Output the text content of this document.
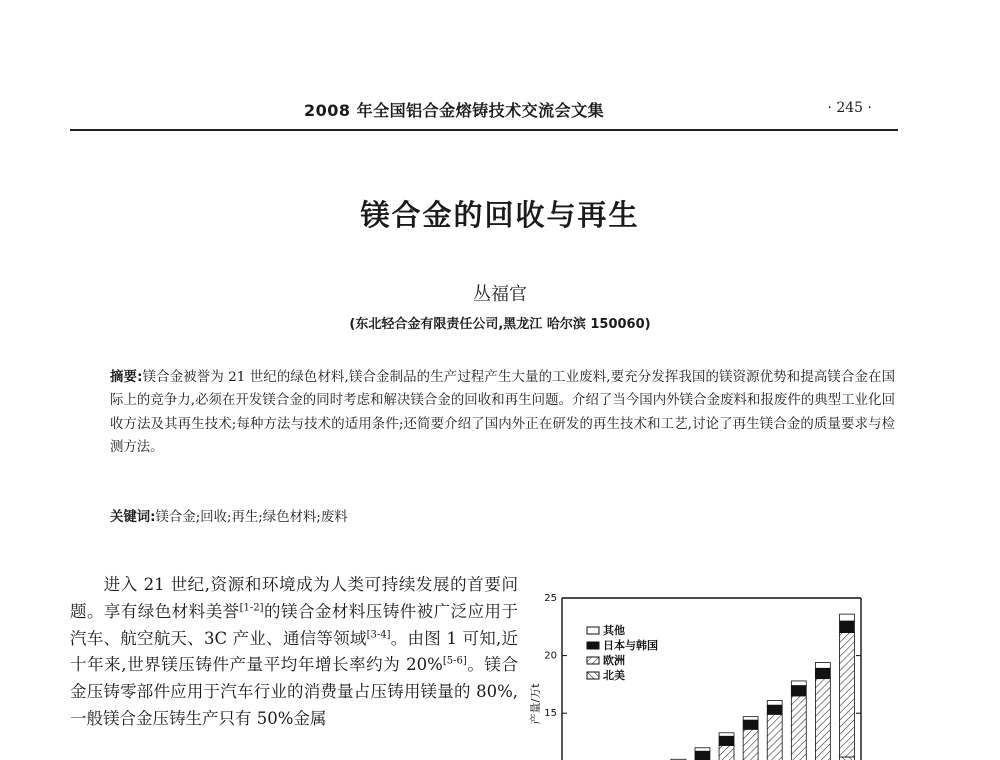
2008 年全国铝合金熔铸技术交流会文集	· 245 ·
镁合金的回收与再生
丛福官
(东北轻合金有限责任公司,黑龙江 哈尔滨 150060)
摘要:镁合金被誉为 21 世纪的绿色材料,镁合金制品的生产过程产生大量的工业废料,要充分发挥我国的镁资源优势和提高镁合金在国际上的竞争力,必须在开发镁合金的同时考虑和解决镁合金的回收和再生问题。介绍了当今国内外镁合金废料和报废件的典型工业化回收方法及其再生技术;每种方法与技术的适用条件;还简要介绍了国内外正在研发的再生技术和工艺,讨论了再生镁合金的质量要求与检测方法。
关键词:镁合金;回收;再生;绿色材料;废料
进入 21 世纪,资源和环境成为人类可持续发展的首要问题。享有绿色材料美誉[1-2]的镁合金材料压铸件被广泛应用于汽车、航空航天、3C 产业、通信等领域[3-4]。由图 1 可知,近十年来,世界镁压铸件产量平均年增长率约为 20%[5-6]。镁合金压铸零部件应用于汽车行业的消费量占压铸用镁量的 80%,一般镁合金压铸生产只有 50%金属	15
20
25
产量/万t
其他
日本与韩国
欧洲
北美
